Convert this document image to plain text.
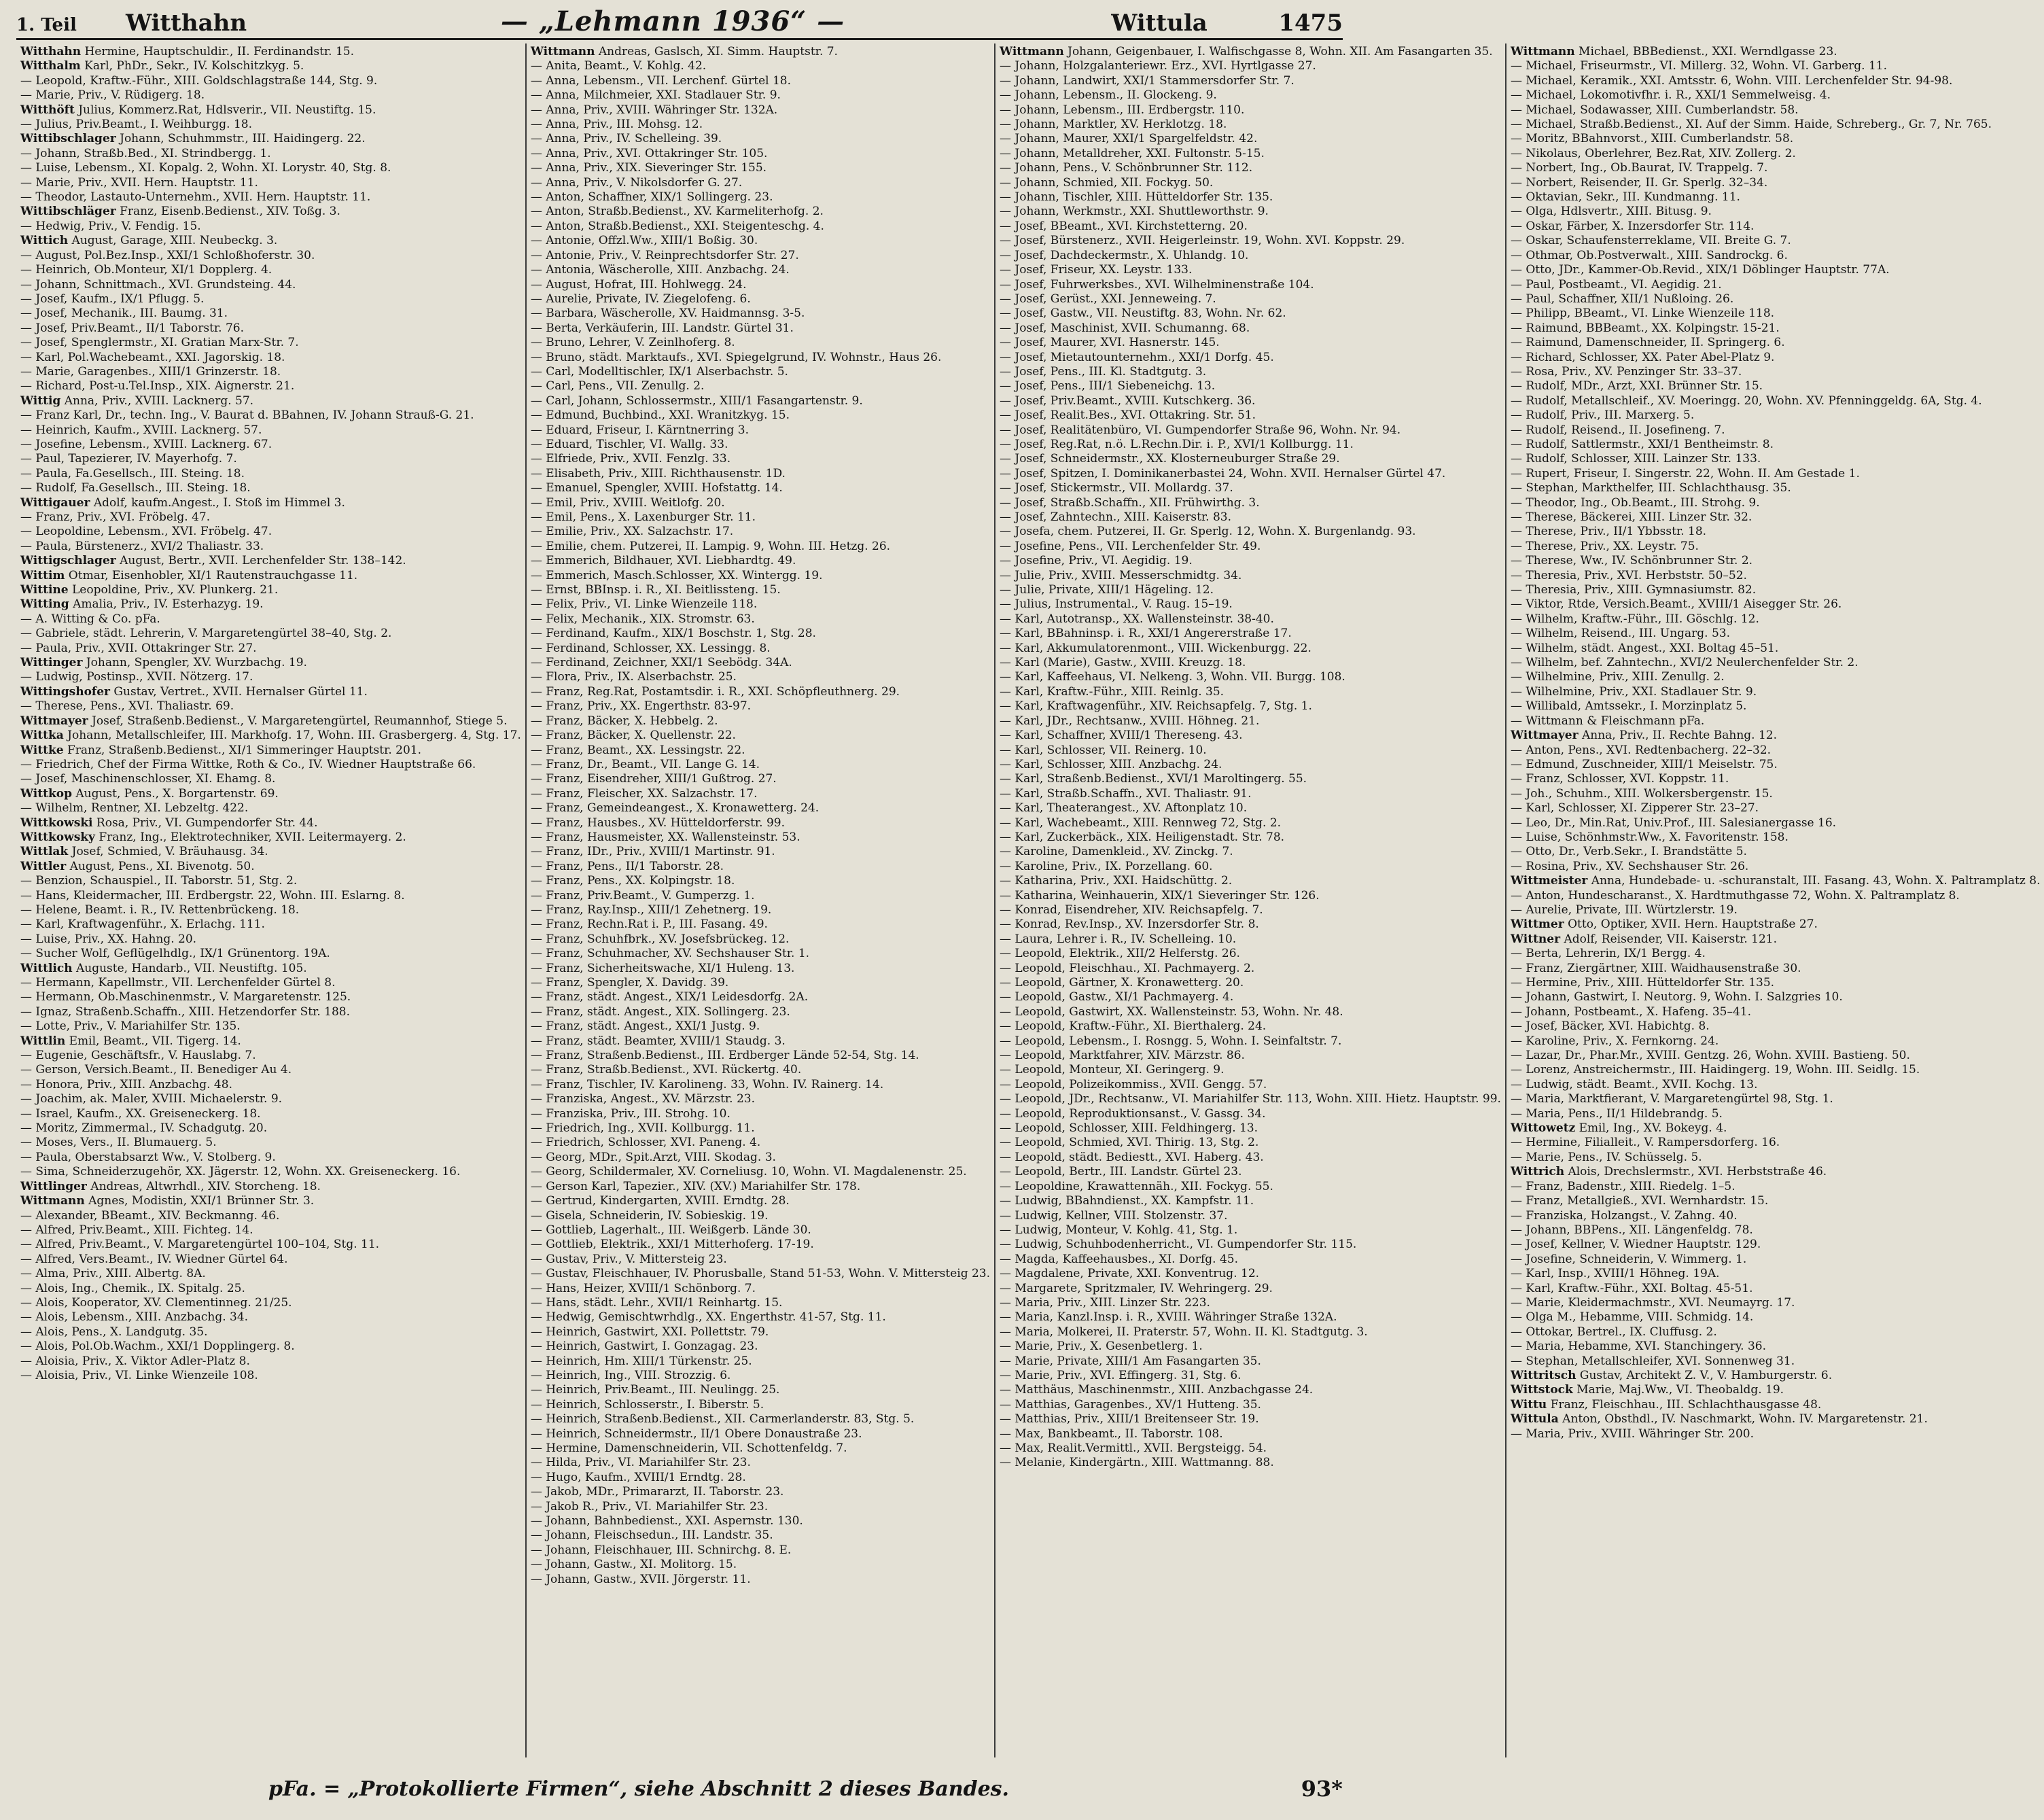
1. Teil	Witthahn	— „Lehmann 1936“ —	Wittula	1475
Witthahn Hermine, Hauptschuldir., II. Ferdinandstr. 15.
Witthalm Karl, PhDr., Sekr., IV. Kolschitzkyg. 5.
— Leopold, Kraftw.-Führ., XIII. Goldschlagstraße 144, Stg. 9.
— Marie, Priv., V. Rüdigerg. 18.
Witthöft Julius, Kommerz.Rat, Hdlsverir., VII. Neustiftg. 15.
— Julius, Priv.Beamt., I. Weihburgg. 18.
Wittibschlager Johann, Schuhmmstr., III. Haidingerg. 22.
— Johann, Straßb.Bed., XI. Strindbergg. 1.
— Luise, Lebensm., XI. Kopalg. 2, Wohn. XI. Lorystr. 40, Stg. 8.
— Marie, Priv., XVII. Hern. Hauptstr. 11.
— Theodor, Lastauto-Unternehm., XVII. Hern. Hauptstr. 11.
Wittibschläger Franz, Eisenb.Bedienst., XIV. Toßg. 3.
— Hedwig, Priv., V. Fendig. 15.
Wittich August, Garage, XIII. Neubeckg. 3.
— August, Pol.Bez.Insp., XXI/1 Schloßhoferstr. 30.
— Heinrich, Ob.Monteur, XI/1 Dopplerg. 4.
— Johann, Schnittmach., XVI. Grundsteing. 44.
— Josef, Kaufm., IX/1 Pflugg. 5.
— Josef, Mechanik., III. Baumg. 31.
— Josef, Priv.Beamt., II/1 Taborstr. 76.
— Josef, Spenglermstr., XI. Gratian Marx-Str. 7.
— Karl, Pol.Wachebeamt., XXI. Jagorskig. 18.
— Marie, Garagenbes., XIII/1 Grinzerstr. 18.
— Richard, Post-u.Tel.Insp., XIX. Aignerstr. 21.
Wittig Anna, Priv., XVIII. Lacknerg. 57.
— Franz Karl, Dr., techn. Ing., V. Baurat d. BBahnen, IV. Johann Strauß-G. 21.
— Heinrich, Kaufm., XVIII. Lacknerg. 57.
— Josefine, Lebensm., XVIII. Lacknerg. 67.
— Paul, Tapezierer, IV. Mayerhofg. 7.
— Paula, Fa.Gesellsch., III. Steing. 18.
— Rudolf, Fa.Gesellsch., III. Steing. 18.
Wittigauer Adolf, kaufm.Angest., I. Stoß im Himmel 3.
— Franz, Priv., XVI. Fröbelg. 47.
— Leopoldine, Lebensm., XVI. Fröbelg. 47.
— Paula, Bürstenerz., XVI/2 Thaliastr. 33.
Wittigschlager August, Bertr., XVII. Lerchenfelder Str. 138–142.
Wittim Otmar, Eisenhobler, XI/1 Rautenstrauchgasse 11.
Wittine Leopoldine, Priv., XV. Plunkerg. 21.
Witting Amalia, Priv., IV. Esterhazyg. 19.
— A. Witting & Co. pFa.
— Gabriele, städt. Lehrerin, V. Margaretengürtel 38–40, Stg. 2.
— Paula, Priv., XVII. Ottakringer Str. 27.
Wittinger Johann, Spengler, XV. Wurzbachg. 19.
— Ludwig, Postinsp., XVII. Nötzerg. 17.
Wittingshofer Gustav, Vertret., XVII. Hernalser Gürtel 11.
— Therese, Pens., XVI. Thaliastr. 69.
Wittmayer Josef, Straßenb.Bedienst., V. Margaretengürtel, Reumannhof, Stiege 5.
Wittka Johann, Metallschleifer, III. Markhofg. 17, Wohn. III. Grasbergerg. 4, Stg. 17.
Wittke Franz, Straßenb.Bedienst., XI/1 Simmeringer Hauptstr. 201.
— Friedrich, Chef der Firma Wittke, Roth & Co., IV. Wiedner Hauptstraße 66.
— Josef, Maschinenschlosser, XI. Ehamg. 8.
Wittkop August, Pens., X. Borgartenstr. 69.
— Wilhelm, Rentner, XI. Lebzeltg. 422.
Wittkowski Rosa, Priv., VI. Gumpendorfer Str. 44.
Wittkowsky Franz, Ing., Elektrotechniker, XVII. Leitermayerg. 2.
Wittlak Josef, Schmied, V. Bräuhausg. 34.
Wittler August, Pens., XI. Bivenotg. 50.
— Benzion, Schauspiel., II. Taborstr. 51, Stg. 2.
— Hans, Kleidermacher, III. Erdbergstr. 22, Wohn. III. Eslarng. 8.
— Helene, Beamt. i. R., IV. Rettenbrückeng. 18.
— Karl, Kraftwagenführ., X. Erlachg. 111.
— Luise, Priv., XX. Hahng. 20.
— Sucher Wolf, Geflügelhdlg., IX/1 Grünentorg. 19A.
Wittlich Auguste, Handarb., VII. Neustiftg. 105.
— Hermann, Kapellmstr., VII. Lerchenfelder Gürtel 8.
— Hermann, Ob.Maschinenmstr., V. Margaretenstr. 125.
— Ignaz, Straßenb.Schaffn., XIII. Hetzendorfer Str. 188.
— Lotte, Priv., V. Mariahilfer Str. 135.
Wittlin Emil, Beamt., VII. Tigerg. 14.
— Eugenie, Geschäftsfr., V. Hauslabg. 7.
— Gerson, Versich.Beamt., II. Benediger Au 4.
— Honora, Priv., XIII. Anzbachg. 48.
— Joachim, ak. Maler, XVIII. Michaelerstr. 9.
— Israel, Kaufm., XX. Greiseneckerg. 18.
— Moritz, Zimmermal., IV. Schadgutg. 20.
— Moses, Vers., II. Blumauerg. 5.
— Paula, Oberstabsarzt Ww., V. Stolberg. 9.
— Sima, Schneiderzugehör, XX. Jägerstr. 12, Wohn. XX. Greiseneckerg. 16.
Wittlinger Andreas, Altwrhdl., XIV. Storcheng. 18.
Wittmann Agnes, Modistin, XXI/1 Brünner Str. 3.
— Alexander, BBeamt., XIV. Beckmanng. 46.
— Alfred, Priv.Beamt., XIII. Fichteg. 14.
— Alfred, Priv.Beamt., V. Margaretengürtel 100–104, Stg. 11.
— Alfred, Vers.Beamt., IV. Wiedner Gürtel 64.
— Alma, Priv., XIII. Albertg. 8A.
— Alois, Ing., Chemik., IX. Spitalg. 25.
— Alois, Kooperator, XV. Clementinneg. 21/25.
— Alois, Lebensm., XIII. Anzbachg. 34.
— Alois, Pens., X. Landgutg. 35.
— Alois, Pol.Ob.Wachm., XXI/1 Dopplingerg. 8.
— Aloisia, Priv., X. Viktor Adler-Platz 8.
— Aloisia, Priv., VI. Linke Wienzeile 108.
Wittmann Andreas, Gaslsch, XI. Simm. Hauptstr. 7.
— Anita, Beamt., V. Kohlg. 42.
— Anna, Lebensm., VII. Lerchenf. Gürtel 18.
— Anna, Milchmeier, XXI. Stadlauer Str. 9.
— Anna, Priv., XVIII. Währinger Str. 132A.
— Anna, Priv., III. Mohsg. 12.
— Anna, Priv., IV. Schelleing. 39.
— Anna, Priv., XVI. Ottakringer Str. 105.
— Anna, Priv., XIX. Sieveringer Str. 155.
— Anna, Priv., V. Nikolsdorfer G. 27.
— Anton, Schaffner, XIX/1 Sollingerg. 23.
— Anton, Straßb.Bedienst., XV. Karmeliterhofg. 2.
— Anton, Straßb.Bedienst., XXI. Steigenteschg. 4.
— Antonie, Offzl.Ww., XIII/1 Boßig. 30.
— Antonie, Priv., V. Reinprechtsdorfer Str. 27.
— Antonia, Wäscherolle, XIII. Anzbachg. 24.
— August, Hofrat, III. Hohlwegg. 24.
— Aurelie, Private, IV. Ziegelofeng. 6.
— Barbara, Wäscherolle, XV. Haidmannsg. 3-5.
— Berta, Verkäuferin, III. Landstr. Gürtel 31.
— Bruno, Lehrer, V. Zeinlhoferg. 8.
— Bruno, städt. Marktaufs., XVI. Spiegelgrund, IV. Wohnstr., Haus 26.
— Carl, Modelltischler, IX/1 Alserbachstr. 5.
— Carl, Pens., VII. Zenullg. 2.
— Carl, Johann, Schlossermstr., XIII/1 Fasangartenstr. 9.
— Edmund, Buchbind., XXI. Wranitzkyg. 15.
— Eduard, Friseur, I. Kärntnerring 3.
— Eduard, Tischler, VI. Wallg. 33.
— Elfriede, Priv., XVII. Fenzlg. 33.
— Elisabeth, Priv., XIII. Richthausenstr. 1D.
— Emanuel, Spengler, XVIII. Hofstattg. 14.
— Emil, Priv., XVIII. Weitlofg. 20.
— Emil, Pens., X. Laxenburger Str. 11.
— Emilie, Priv., XX. Salzachstr. 17.
— Emilie, chem. Putzerei, II. Lampig. 9, Wohn. III. Hetzg. 26.
— Emmerich, Bildhauer, XVI. Liebhardtg. 49.
— Emmerich, Masch.Schlosser, XX. Wintergg. 19.
— Ernst, BBInsp. i. R., XI. Beitlissteng. 15.
— Felix, Priv., VI. Linke Wienzeile 118.
— Felix, Mechanik., XIX. Stromstr. 63.
— Ferdinand, Kaufm., XIX/1 Boschstr. 1, Stg. 28.
— Ferdinand, Schlosser, XX. Lessingg. 8.
— Ferdinand, Zeichner, XXI/1 Seebödg. 34A.
— Flora, Priv., IX. Alserbachstr. 25.
— Franz, Reg.Rat, Postamtsdir. i. R., XXI. Schöpfleuthnerg. 29.
— Franz, Priv., XX. Engerthstr. 83-97.
— Franz, Bäcker, X. Hebbelg. 2.
— Franz, Bäcker, X. Quellenstr. 22.
— Franz, Beamt., XX. Lessingstr. 22.
— Franz, Dr., Beamt., VII. Lange G. 14.
— Franz, Eisendreher, XIII/1 Gußtrog. 27.
— Franz, Fleischer, XX. Salzachstr. 17.
— Franz, Gemeindeangest., X. Kronawetterg. 24.
— Franz, Hausbes., XV. Hütteldorferstr. 99.
— Franz, Hausmeister, XX. Wallensteinstr. 53.
— Franz, IDr., Priv., XVIII/1 Martinstr. 91.
— Franz, Pens., II/1 Taborstr. 28.
— Franz, Pens., XX. Kolpingstr. 18.
— Franz, Priv.Beamt., V. Gumperzg. 1.
— Franz, Ray.Insp., XIII/1 Zehetnerg. 19.
— Franz, Rechn.Rat i. P., III. Fasang. 49.
— Franz, Schuhfbrk., XV. Josefsbrückeg. 12.
— Franz, Schuhmacher, XV. Sechshauser Str. 1.
— Franz, Sicherheitswache, XI/1 Huleng. 13.
— Franz, Spengler, X. Davidg. 39.
— Franz, städt. Angest., XIX/1 Leidesdorfg. 2A.
— Franz, städt. Angest., XIX. Sollingerg. 23.
— Franz, städt. Angest., XXI/1 Justg. 9.
— Franz, städt. Beamter, XVIII/1 Staudg. 3.
— Franz, Straßenb.Bedienst., III. Erdberger Lände 52-54, Stg. 14.
— Franz, Straßb.Bedienst., XVI. Rückertg. 40.
— Franz, Tischler, IV. Karolineng. 33, Wohn. IV. Rainerg. 14.
— Franziska, Angest., XV. Märzstr. 23.
— Franziska, Priv., III. Strohg. 10.
— Friedrich, Ing., XVII. Kollburgg. 11.
— Friedrich, Schlosser, XVI. Paneng. 4.
— Georg, MDr., Spit.Arzt, VIII. Skodag. 3.
— Georg, Schildermaler, XV. Corneliusg. 10, Wohn. VI. Magdalenenstr. 25.
— Gerson Karl, Tapezier., XIV. (XV.) Mariahilfer Str. 178.
— Gertrud, Kindergarten, XVIII. Erndtg. 28.
— Gisela, Schneiderin, IV. Sobieskig. 19.
— Gottlieb, Lagerhalt., III. Weißgerb. Lände 30.
— Gottlieb, Elektrik., XXI/1 Mitterhoferg. 17-19.
— Gustav, Priv., V. Mittersteig 23.
— Gustav, Fleischhauer, IV. Phorusballe, Stand 51-53, Wohn. V. Mittersteig 23.
— Hans, Heizer, XVIII/1 Schönborg. 7.
— Hans, städt. Lehr., XVII/1 Reinhartg. 15.
— Hedwig, Gemischtwrhdlg., XX. Engerthstr. 41-57, Stg. 11.
— Heinrich, Gastwirt, XXI. Pollettstr. 79.
— Heinrich, Gastwirt, I. Gonzagag. 23.
— Heinrich, Hm. XIII/1 Türkenstr. 25.
— Heinrich, Ing., VIII. Strozzig. 6.
— Heinrich, Priv.Beamt., III. Neulingg. 25.
— Heinrich, Schlosserstr., I. Biberstr. 5.
— Heinrich, Straßenb.Bedienst., XII. Carmerlanderstr. 83, Stg. 5.
— Heinrich, Schneidermstr., II/1 Obere Donaustraße 23.
— Hermine, Damenschneiderin, VII. Schottenfeldg. 7.
— Hilda, Priv., VI. Mariahilfer Str. 23.
— Hugo, Kaufm., XVIII/1 Erndtg. 28.
— Jakob, MDr., Primararzt, II. Taborstr. 23.
— Jakob R., Priv., VI. Mariahilfer Str. 23.
— Johann, Bahnbedienst., XXI. Aspernstr. 130.
— Johann, Fleischsedun., III. Landstr. 35.
— Johann, Fleischhauer, III. Schnirchg. 8. E.
— Johann, Gastw., XI. Molitorg. 15.
— Johann, Gastw., XVII. Jörgerstr. 11.
Wittmann Johann, Geigenbauer, I. Walfischgasse 8, Wohn. XII. Am Fasangarten 35.
— Johann, Holzgalanteriewr. Erz., XVI. Hyrtlgasse 27.
— Johann, Landwirt, XXI/1 Stammersdorfer Str. 7.
— Johann, Lebensm., II. Glockeng. 9.
— Johann, Lebensm., III. Erdbergstr. 110.
— Johann, Marktler, XV. Herklotzg. 18.
— Johann, Maurer, XXI/1 Spargelfeldstr. 42.
— Johann, Metalldreher, XXI. Fultonstr. 5-15.
— Johann, Pens., V. Schönbrunner Str. 112.
— Johann, Schmied, XII. Fockyg. 50.
— Johann, Tischler, XIII. Hütteldorfer Str. 135.
— Johann, Werkmstr., XXI. Shuttleworthstr. 9.
— Josef, BBeamt., XVI. Kirchstetterng. 20.
— Josef, Bürstenerz., XVII. Heigerleinstr. 19, Wohn. XVI. Koppstr. 29.
— Josef, Dachdeckermstr., X. Uhlandg. 10.
— Josef, Friseur, XX. Leystr. 133.
— Josef, Fuhrwerksbes., XVI. Wilhelminenstraße 104.
— Josef, Gerüst., XXI. Jenneweing. 7.
— Josef, Gastw., VII. Neustiftg. 83, Wohn. Nr. 62.
— Josef, Maschinist, XVII. Schumanng. 68.
— Josef, Maurer, XVI. Hasnerstr. 145.
— Josef, Mietautounternehm., XXI/1 Dorfg. 45.
— Josef, Pens., III. Kl. Stadtgutg. 3.
— Josef, Pens., III/1 Siebeneichg. 13.
— Josef, Priv.Beamt., XVIII. Kutschkerg. 36.
— Josef, Realit.Bes., XVI. Ottakring. Str. 51.
— Josef, Realitätenbüro, VI. Gumpendorfer Straße 96, Wohn. Nr. 94.
— Josef, Reg.Rat, n.ö. L.Rechn.Dir. i. P., XVI/1 Kollburgg. 11.
— Josef, Schneidermstr., XX. Klosterneuburger Straße 29.
— Josef, Spitzen, I. Dominikanerbastei 24, Wohn. XVII. Hernalser Gürtel 47.
— Josef, Stickermstr., VII. Mollardg. 37.
— Josef, Straßb.Schaffn., XII. Frühwirthg. 3.
— Josef, Zahntechn., XIII. Kaiserstr. 83.
— Josefa, chem. Putzerei, II. Gr. Sperlg. 12, Wohn. X. Burgenlandg. 93.
— Josefine, Pens., VII. Lerchenfelder Str. 49.
— Josefine, Priv., VI. Aegidig. 19.
— Julie, Priv., XVIII. Messerschmidtg. 34.
— Julie, Private, XIII/1 Hägeling. 12.
— Julius, Instrumental., V. Raug. 15–19.
— Karl, Autotransp., XX. Wallensteinstr. 38-40.
— Karl, BBahninsp. i. R., XXI/1 Angererstraße 17.
— Karl, Akkumulatorenmont., VIII. Wickenburgg. 22.
— Karl (Marie), Gastw., XVIII. Kreuzg. 18.
— Karl, Kaffeehaus, VI. Nelkeng. 3, Wohn. VII. Burgg. 108.
— Karl, Kraftw.-Führ., XIII. Reinlg. 35.
— Karl, Kraftwagenführ., XIV. Reichsapfelg. 7, Stg. 1.
— Karl, JDr., Rechtsanw., XVIII. Höhneg. 21.
— Karl, Schaffner, XVIII/1 Thereseng. 43.
— Karl, Schlosser, VII. Reinerg. 10.
— Karl, Schlosser, XIII. Anzbachg. 24.
— Karl, Straßenb.Bedienst., XVI/1 Maroltingerg. 55.
— Karl, Straßb.Schaffn., XVI. Thaliastr. 91.
— Karl, Theaterangest., XV. Aftonplatz 10.
— Karl, Wachebeamt., XIII. Rennweg 72, Stg. 2.
— Karl, Zuckerbäck., XIX. Heiligenstadt. Str. 78.
— Karoline, Damenkleid., XV. Zinckg. 7.
— Karoline, Priv., IX. Porzellang. 60.
— Katharina, Priv., XXI. Haidschüttg. 2.
— Katharina, Weinhauerin, XIX/1 Sieveringer Str. 126.
— Konrad, Eisendreher, XIV. Reichsapfelg. 7.
— Konrad, Rev.Insp., XV. Inzersdorfer Str. 8.
— Laura, Lehrer i. R., IV. Schelleing. 10.
— Leopold, Elektrik., XII/2 Helferstg. 26.
— Leopold, Fleischhau., XI. Pachmayerg. 2.
— Leopold, Gärtner, X. Kronawetterg. 20.
— Leopold, Gastw., XI/1 Pachmayerg. 4.
— Leopold, Gastwirt, XX. Wallensteinstr. 53, Wohn. Nr. 48.
— Leopold, Kraftw.-Führ., XI. Bierthalerg. 24.
— Leopold, Lebensm., I. Rosngg. 5, Wohn. I. Seinfaltstr. 7.
— Leopold, Marktfahrer, XIV. Märzstr. 86.
— Leopold, Monteur, XI. Geringerg. 9.
— Leopold, Polizeikommiss., XVII. Gengg. 57.
— Leopold, JDr., Rechtsanw., VI. Mariahilfer Str. 113, Wohn. XIII. Hietz. Hauptstr. 99.
— Leopold, Reproduktionsanst., V. Gassg. 34.
— Leopold, Schlosser, XIII. Feldhingerg. 13.
— Leopold, Schmied, XVI. Thirig. 13, Stg. 2.
— Leopold, städt. Bediestt., XVI. Haberg. 43.
— Leopold, Bertr., III. Landstr. Gürtel 23.
— Leopoldine, Krawattennäh., XII. Fockyg. 55.
— Ludwig, BBahndienst., XX. Kampfstr. 11.
— Ludwig, Kellner, VIII. Stolzenstr. 37.
— Ludwig, Monteur, V. Kohlg. 41, Stg. 1.
— Ludwig, Schuhbodenherricht., VI. Gumpendorfer Str. 115.
— Magda, Kaffeehausbes., XI. Dorfg. 45.
— Magdalene, Private, XXI. Konventrug. 12.
— Margarete, Spritzmaler, IV. Wehringerg. 29.
— Maria, Priv., XIII. Linzer Str. 223.
— Maria, Kanzl.Insp. i. R., XVIII. Währinger Straße 132A.
— Maria, Molkerei, II. Praterstr. 57, Wohn. II. Kl. Stadtgutg. 3.
— Marie, Priv., X. Gesenbetlerg. 1.
— Marie, Private, XIII/1 Am Fasangarten 35.
— Marie, Priv., XVI. Effingerg. 31, Stg. 6.
— Matthäus, Maschinenmstr., XIII. Anzbachgasse 24.
— Matthias, Garagenbes., XV/1 Hutteng. 35.
— Matthias, Priv., XIII/1 Breitenseer Str. 19.
— Max, Bankbeamt., II. Taborstr. 108.
— Max, Realit.Vermittl., XVII. Bergsteigg. 54.
— Melanie, Kindergärtn., XIII. Wattmanng. 88.
Wittmann Michael, BBBedienst., XXI. Werndlgasse 23.
— Michael, Friseurmstr., VI. Millerg. 32, Wohn. VI. Garberg. 11.
— Michael, Keramik., XXI. Amtsstr. 6, Wohn. VIII. Lerchenfelder Str. 94-98.
— Michael, Lokomotivfhr. i. R., XXI/1 Semmelweisg. 4.
— Michael, Sodawasser, XIII. Cumberlandstr. 58.
— Michael, Straßb.Bedienst., XI. Auf der Simm. Haide, Schreberg., Gr. 7, Nr. 765.
— Moritz, BBahnvorst., XIII. Cumberlandstr. 58.
— Nikolaus, Oberlehrer, Bez.Rat, XIV. Zollerg. 2.
— Norbert, Ing., Ob.Baurat, IV. Trappelg. 7.
— Norbert, Reisender, II. Gr. Sperlg. 32–34.
— Oktavian, Sekr., III. Kundmanng. 11.
— Olga, Hdlsvertr., XIII. Bitusg. 9.
— Oskar, Färber, X. Inzersdorfer Str. 114.
— Oskar, Schaufensterreklame, VII. Breite G. 7.
— Othmar, Ob.Postverwalt., XIII. Sandrockg. 6.
— Otto, JDr., Kammer-Ob.Revid., XIX/1 Döblinger Hauptstr. 77A.
— Paul, Postbeamt., VI. Aegidig. 21.
— Paul, Schaffner, XII/1 Nußloing. 26.
— Philipp, BBeamt., VI. Linke Wienzeile 118.
— Raimund, BBBeamt., XX. Kolpingstr. 15-21.
— Raimund, Damenschneider, II. Springerg. 6.
— Richard, Schlosser, XX. Pater Abel-Platz 9.
— Rosa, Priv., XV. Penzinger Str. 33–37.
— Rudolf, MDr., Arzt, XXI. Brünner Str. 15.
— Rudolf, Metallschleif., XV. Moeringg. 20, Wohn. XV. Pfenninggeldg. 6A, Stg. 4.
— Rudolf, Priv., III. Marxerg. 5.
— Rudolf, Reisend., II. Josefineng. 7.
— Rudolf, Sattlermstr., XXI/1 Bentheimstr. 8.
— Rudolf, Schlosser, XIII. Lainzer Str. 133.
— Rupert, Friseur, I. Singerstr. 22, Wohn. II. Am Gestade 1.
— Stephan, Markthelfer, III. Schlachthausg. 35.
— Theodor, Ing., Ob.Beamt., III. Strohg. 9.
— Therese, Bäckerei, XIII. Linzer Str. 32.
— Therese, Priv., II/1 Ybbsstr. 18.
— Therese, Priv., XX. Leystr. 75.
— Therese, Ww., IV. Schönbrunner Str. 2.
— Theresia, Priv., XVI. Herbststr. 50–52.
— Theresia, Priv., XIII. Gymnasiumstr. 82.
— Viktor, Rtde, Versich.Beamt., XVIII/1 Aisegger Str. 26.
— Wilhelm, Kraftw.-Führ., III. Göschlg. 12.
— Wilhelm, Reisend., III. Ungarg. 53.
— Wilhelm, städt. Angest., XXI. Boltag 45–51.
— Wilhelm, bef. Zahntechn., XVI/2 Neulerchenfelder Str. 2.
— Wilhelmine, Priv., XIII. Zenullg. 2.
— Wilhelmine, Priv., XXI. Stadlauer Str. 9.
— Willibald, Amtssekr., I. Morzinplatz 5.
— Wittmann & Fleischmann pFa.
Wittmayer Anna, Priv., II. Rechte Bahng. 12.
— Anton, Pens., XVI. Redtenbacherg. 22–32.
— Edmund, Zuschneider, XIII/1 Meiselstr. 75.
— Franz, Schlosser, XVI. Koppstr. 11.
— Joh., Schuhm., XIII. Wolkersbergenstr. 15.
— Karl, Schlosser, XI. Zipperer Str. 23–27.
— Leo, Dr., Min.Rat, Univ.Prof., III. Salesianergasse 16.
— Luise, Schönhmstr.Ww., X. Favoritenstr. 158.
— Otto, Dr., Verb.Sekr., I. Brandstätte 5.
— Rosina, Priv., XV. Sechshauser Str. 26.
Wittmeister Anna, Hundebade- u. -schuranstalt, III. Fasang. 43, Wohn. X. Paltramplatz 8.
— Anton, Hundescharanst., X. Hardtmuthgasse 72, Wohn. X. Paltramplatz 8.
— Aurelie, Private, III. Würtzlerstr. 19.
Wittmer Otto, Optiker, XVII. Hern. Hauptstraße 27.
Wittner Adolf, Reisender, VII. Kaiserstr. 121.
— Berta, Lehrerin, IX/1 Bergg. 4.
— Franz, Ziergärtner, XIII. Waidhausenstraße 30.
— Hermine, Priv., XIII. Hütteldorfer Str. 135.
— Johann, Gastwirt, I. Neutorg. 9, Wohn. I. Salzgries 10.
— Johann, Postbeamt., X. Hafeng. 35–41.
— Josef, Bäcker, XVI. Habichtg. 8.
— Karoline, Priv., X. Fernkorng. 24.
— Lazar, Dr., Phar.Mr., XVIII. Gentzg. 26, Wohn. XVIII. Bastieng. 50.
— Lorenz, Anstreichermstr., III. Haidingerg. 19, Wohn. III. Seidlg. 15.
— Ludwig, städt. Beamt., XVII. Kochg. 13.
— Maria, Marktfierant, V. Margaretengürtel 98, Stg. 1.
— Maria, Pens., II/1 Hildebrandg. 5.
Wittowetz Emil, Ing., XV. Bokeyg. 4.
— Hermine, Filialleit., V. Rampersdorferg. 16.
— Marie, Pens., IV. Schüsselg. 5.
Wittrich Alois, Drechslermstr., XVI. Herbststraße 46.
— Franz, Badenstr., XIII. Riedelg. 1–5.
— Franz, Metallgieß., XVI. Wernhardstr. 15.
— Franziska, Holzangst., V. Zahng. 40.
— Johann, BBPens., XII. Längenfeldg. 78.
— Josef, Kellner, V. Wiedner Hauptstr. 129.
— Josefine, Schneiderin, V. Wimmerg. 1.
— Karl, Insp., XVIII/1 Höhneg. 19A.
— Karl, Kraftw.-Führ., XXI. Boltag. 45-51.
— Marie, Kleidermachmstr., XVI. Neumayrg. 17.
— Olga M., Hebamme, VIII. Schmidg. 14.
— Ottokar, Bertrel., IX. Cluffusg. 2.
— Maria, Hebamme, XVI. Stanchingery. 36.
— Stephan, Metallschleifer, XVI. Sonnenweg 31.
Wittritsch Gustav, Architekt Z. V., V. Hamburgerstr. 6.
Wittstock Marie, Maj.Ww., VI. Theobaldg. 19.
Wittu Franz, Fleischhau., III. Schlachthausgasse 48.
Wittula Anton, Obsthdl., IV. Naschmarkt, Wohn. IV. Margaretenstr. 21.
— Maria, Priv., XVIII. Währinger Str. 200.
pFa. = „Protokollierte Firmen“, siehe Abschnitt 2 dieses Bandes.	93*
